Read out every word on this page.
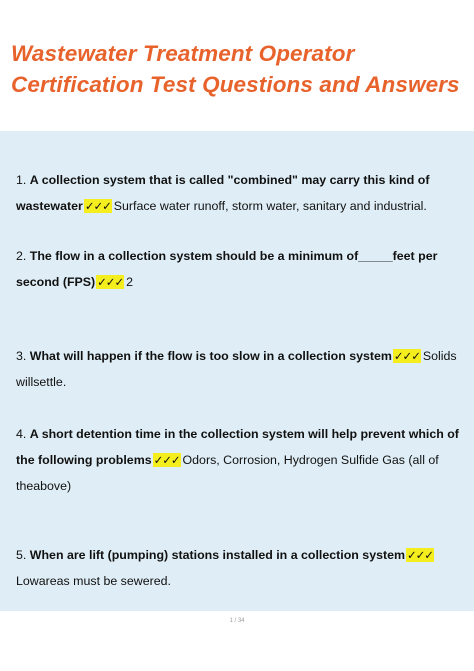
Wastewater Treatment Operator Certification Test Questions and Answers

1. A collection system that is called "combined" may carry this kind of wastewater ✓✓✓ Surface water runoff, storm water, sanitary and industrial.

2. The flow in a collection system should be a minimum of_____feet per second (FPS) ✓✓✓ 2

3. What will happen if the flow is too slow in a collection system ✓✓✓ Solids willsettle.

4. A short detention time in the collection system will help prevent which of the following problems ✓✓✓ Odors, Corrosion, Hydrogen Sulfide Gas (all of theabove)

5. When are lift (pumping) stations installed in a collection system ✓✓✓Lowareas must be sewered.

1 / 34
